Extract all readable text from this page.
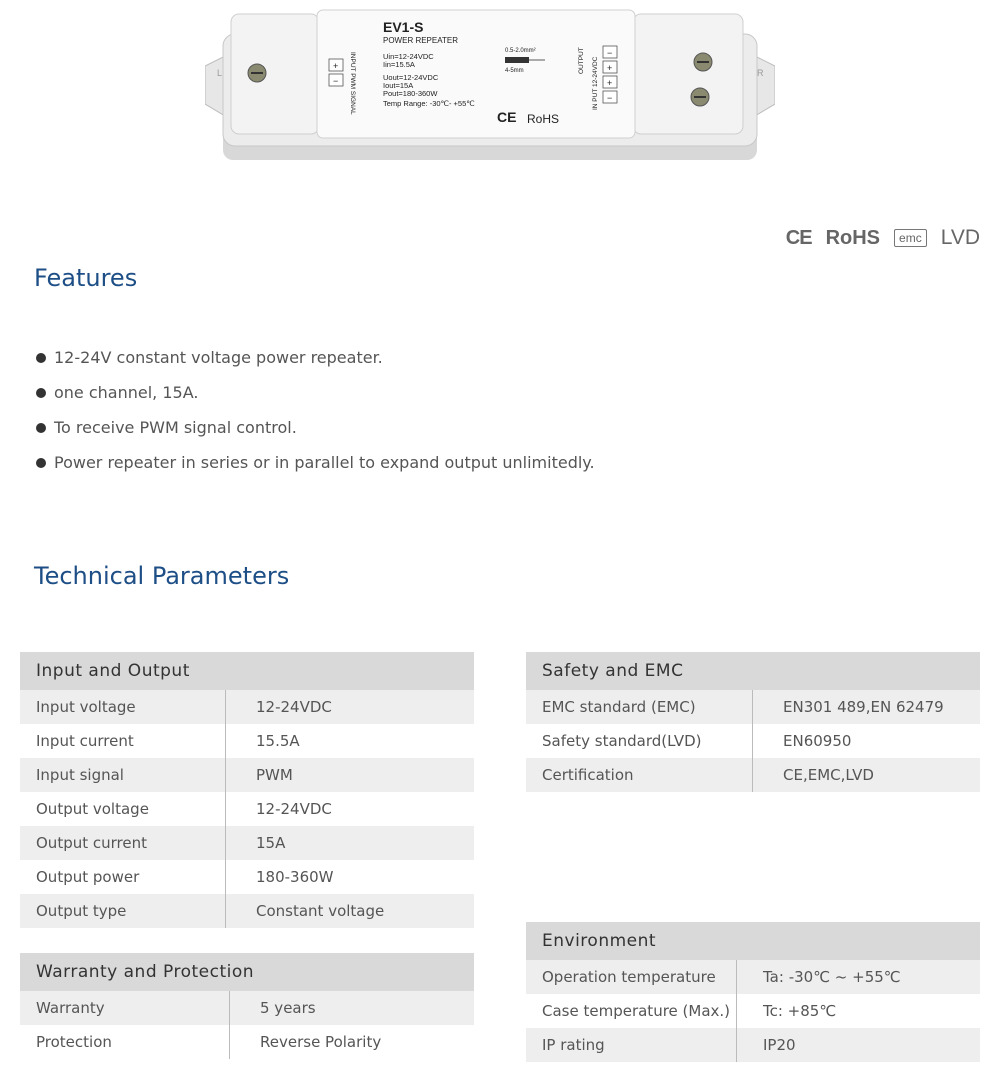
EV1-S
POWER REPEATER
Uin=12-24VDC
Iin=15.5A
Uout=12-24VDC
Iout=15A
Pout=180-360W
Temp Range: -30℃- +55℃
0.5-2.0mm²
4-5mm
CE RoHS
INPUT PWM SIGNAL	OUTPUT IN PUT 12-24VDC
+
−
−
+
+
−
L	R
CE RoHS	emc LVD
Features
12-24V constant voltage power repeater.
one channel, 15A.
To receive PWM signal control.
Power repeater in series or in parallel to expand output unlimitedly.
Technical Parameters
Input and Output
Input voltage	12-24VDC
Input current	15.5A
Input signal	PWM
Output voltage	12-24VDC
Output current	15A
Output power	180-360W
Output type	Constant voltage
Warranty and Protection
Warranty	5 years
Protection	Reverse Polarity
Safety and EMC
EMC standard (EMC)	EN301 489,EN 62479
Safety standard(LVD)	EN60950
Certification	CE,EMC,LVD
Environment
Operation temperature	Ta: -30℃ ~ +55℃
Case temperature (Max.)	Tc: +85℃
IP rating	IP20
